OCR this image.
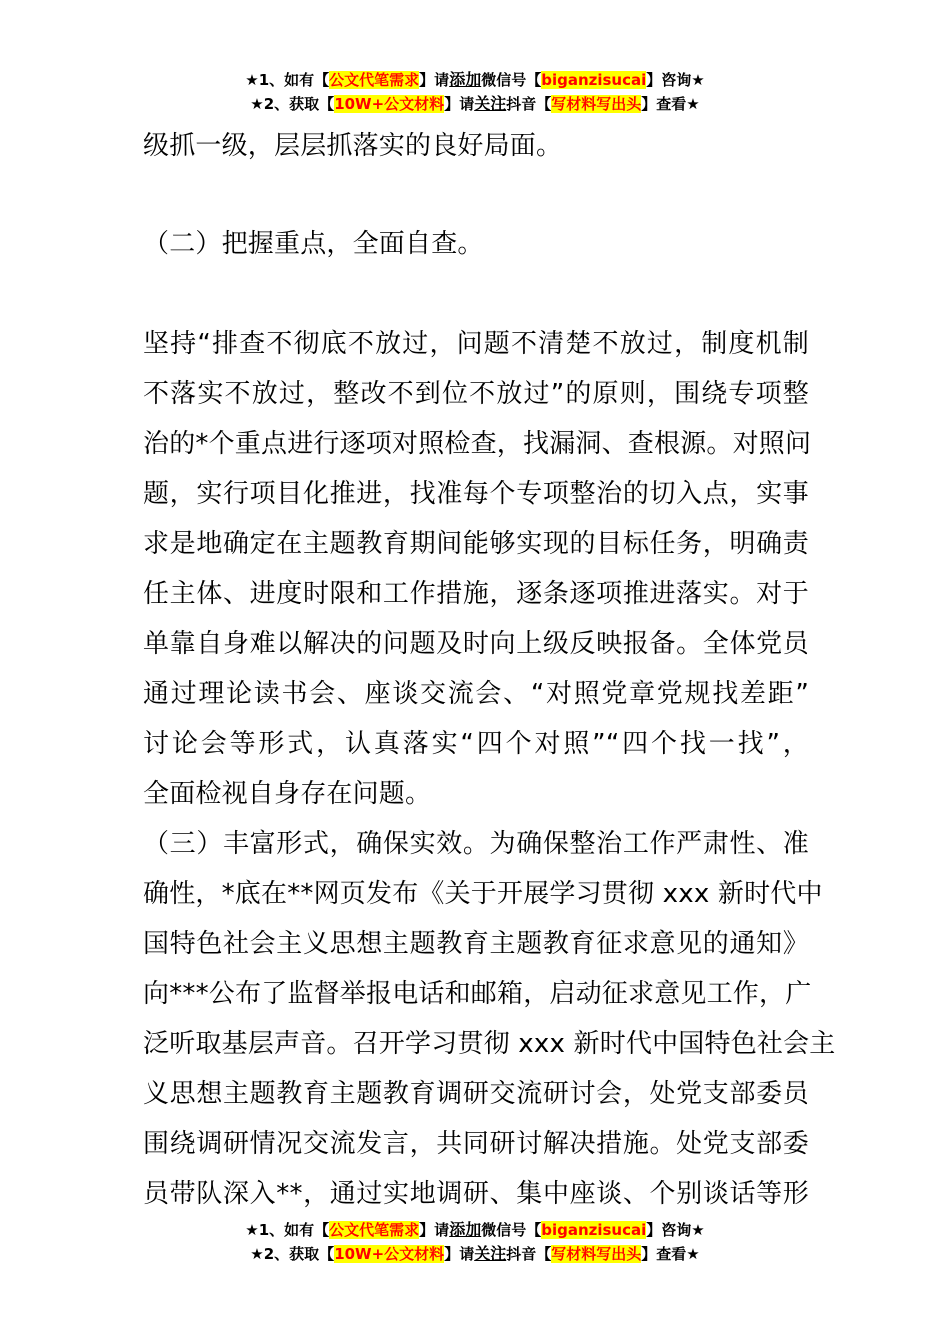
★1、如有【公文代笔需求】请添加微信号【biganzisucai】咨询★
★2、获取【10W+公文材料】请关注抖音【写材料写出头】查看★
级抓一级，层层抓落实的良好局面。
（二）把握重点，全面自查。
坚持“排查不彻底不放过，问题不清楚不放过，制度机制
不落实不放过，整改不到位不放过”的原则，围绕专项整
治的*个重点进行逐项对照检查，找漏洞、查根源。对照问
题，实行项目化推进，找准每个专项整治的切入点，实事
求是地确定在主题教育期间能够实现的目标任务，明确责
任主体、进度时限和工作措施，逐条逐项推进落实。对于
单靠自身难以解决的问题及时向上级反映报备。全体党员
通过理论读书会、座谈交流会、“对照党章党规找差距”
讨论会等形式，认真落实“四个对照”“四个找一找”，
全面检视自身存在问题。
（三）丰富形式，确保实效。为确保整治工作严肃性、准
确性，*底在**网页发布《关于开展学习贯彻 xxx 新时代中
国特色社会主义思想主题教育主题教育征求意见的通知》
向***公布了监督举报电话和邮箱，启动征求意见工作，广
泛听取基层声音。召开学习贯彻 xxx 新时代中国特色社会主
义思想主题教育主题教育调研交流研讨会，处党支部委员
围绕调研情况交流发言，共同研讨解决措施。处党支部委
员带队深入**，通过实地调研、集中座谈、个别谈话等形
★1、如有【公文代笔需求】请添加微信号【biganzisucai】咨询★
★2、获取【10W+公文材料】请关注抖音【写材料写出头】查看★
